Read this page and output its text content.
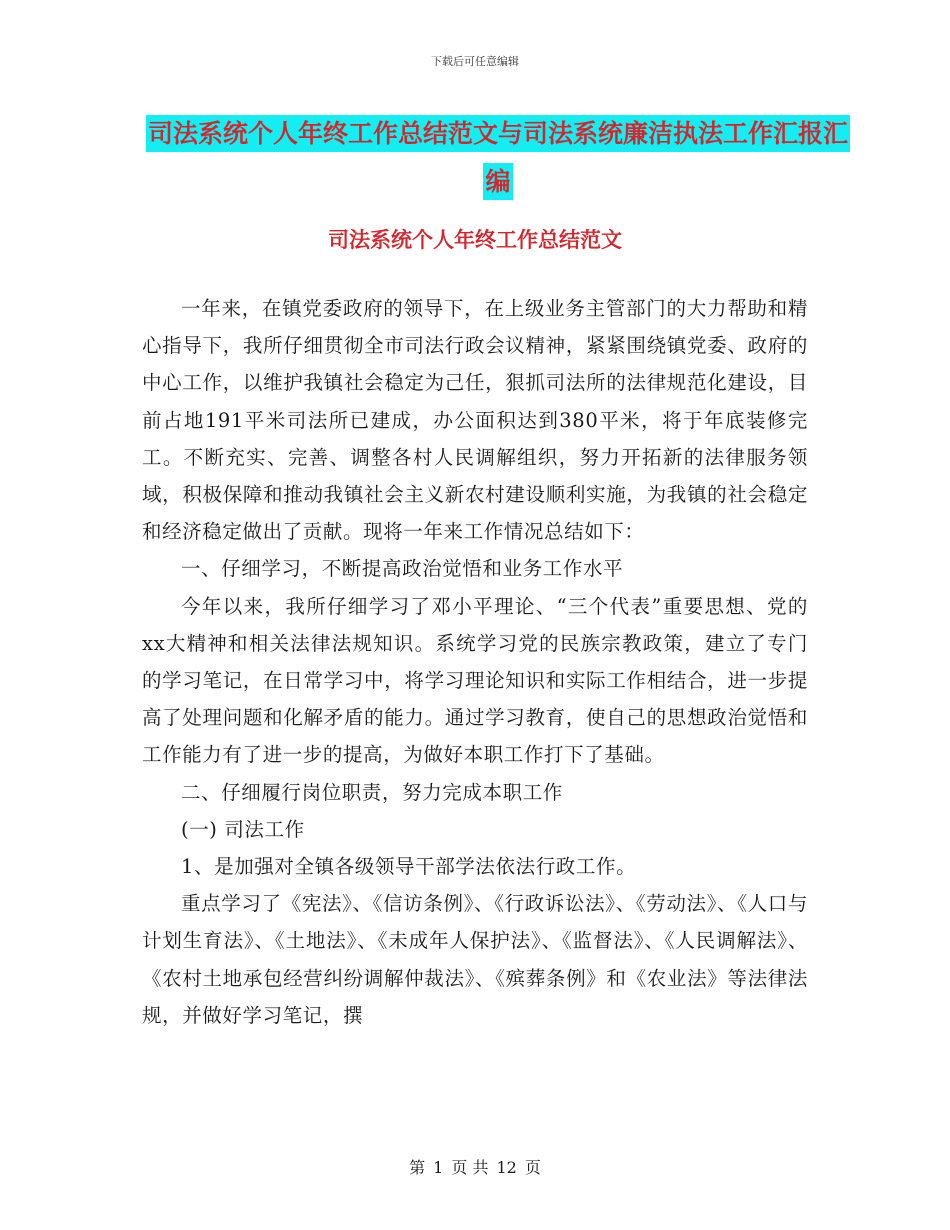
下载后可任意编辑
司法系统个人年终工作总结范文与司法系统廉洁执法工作汇报汇编
司法系统个人年终工作总结范文

一年来，在镇党委政府的领导下，在上级业务主管部门的大力帮助和精心指导下，我所仔细贯彻全市司法行政会议精神，紧紧围绕镇党委、政府的中心工作，以维护我镇社会稳定为己任，狠抓司法所的法律规范化建设，目前占地191平米司法所已建成，办公面积达到380平米，将于年底装修完工。不断充实、完善、调整各村人民调解组织，努力开拓新的法律服务领域，积极保障和推动我镇社会主义新农村建设顺利实施，为我镇的社会稳定和经济稳定做出了贡献。现将一年来工作情况总结如下：

一、仔细学习，不断提高政治觉悟和业务工作水平

今年以来，我所仔细学习了邓小平理论、“三个代表”重要思想、党的xx大精神和相关法律法规知识。系统学习党的民族宗教政策，建立了专门的学习笔记，在日常学习中，将学习理论知识和实际工作相结合，进一步提高了处理问题和化解矛盾的能力。通过学习教育，使自己的思想政治觉悟和工作能力有了进一步的提高，为做好本职工作打下了基础。

二、仔细履行岗位职责，努力完成本职工作

(一) 司法工作

1、是加强对全镇各级领导干部学法依法行政工作。

重点学习了《宪法》、《信访条例》、《行政诉讼法》、《劳动法》、《人口与计划生育法》、《土地法》、《未成年人保护法》、《监督法》、《人民调解法》、《农村土地承包经营纠纷调解仲裁法》、《殡葬条例》和《农业法》等法律法规，并做好学习笔记，撰

第 1 页 共 12 页
